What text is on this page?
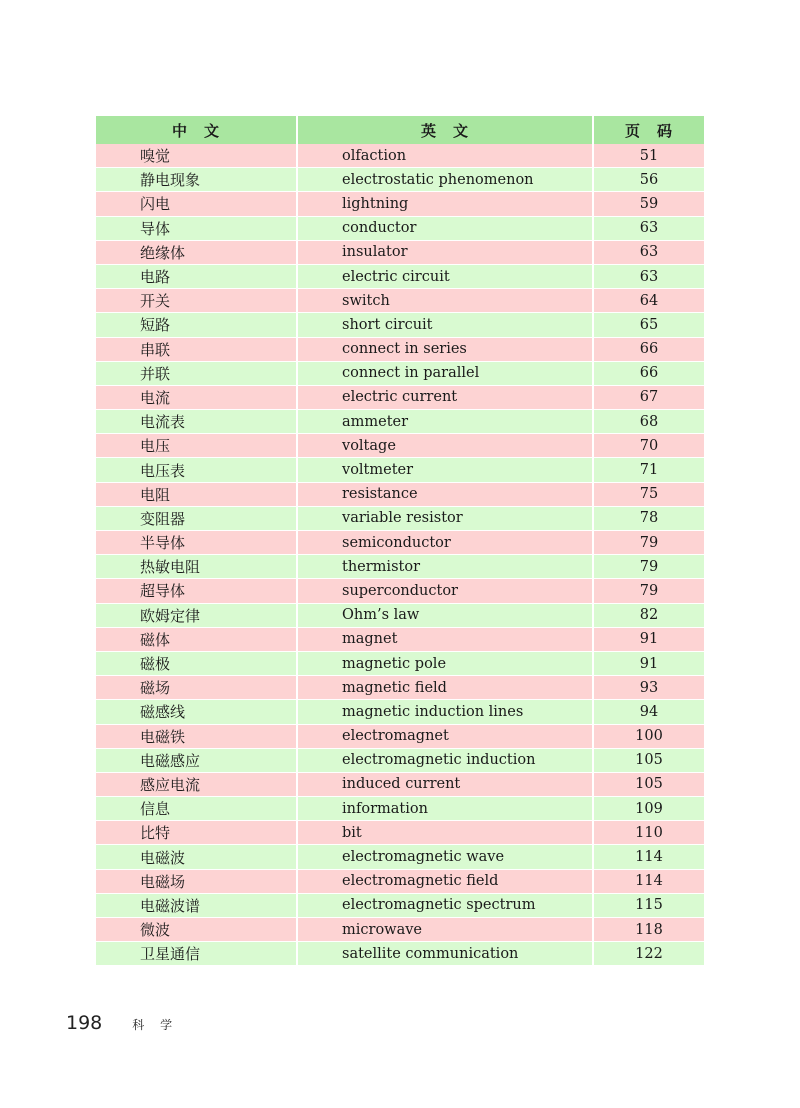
中　文	英　文	页　码
嗅觉	olfaction	51
静电现象	electrostatic phenomenon	56
闪电	lightning	59
导体	conductor	63
绝缘体	insulator	63
电路	electric circuit	63
开关	switch	64
短路	short circuit	65
串联	connect in series	66
并联	connect in parallel	66
电流	electric current	67
电流表	ammeter	68
电压	voltage	70
电压表	voltmeter	71
电阻	resistance	75
变阻器	variable resistor	78
半导体	semiconductor	79
热敏电阻	thermistor	79
超导体	superconductor	79
欧姆定律	Ohm’s law	82
磁体	magnet	91
磁极	magnetic pole	91
磁场	magnetic field	93
磁感线	magnetic induction lines	94
电磁铁	electromagnet	100
电磁感应	electromagnetic induction	105
感应电流	induced current	105
信息	information	109
比特	bit	110
电磁波	electromagnetic wave	114
电磁场	electromagnetic field	114
电磁波谱	electromagnetic spectrum	115
微波	microwave	118
卫星通信	satellite communication	122
198	科 学
